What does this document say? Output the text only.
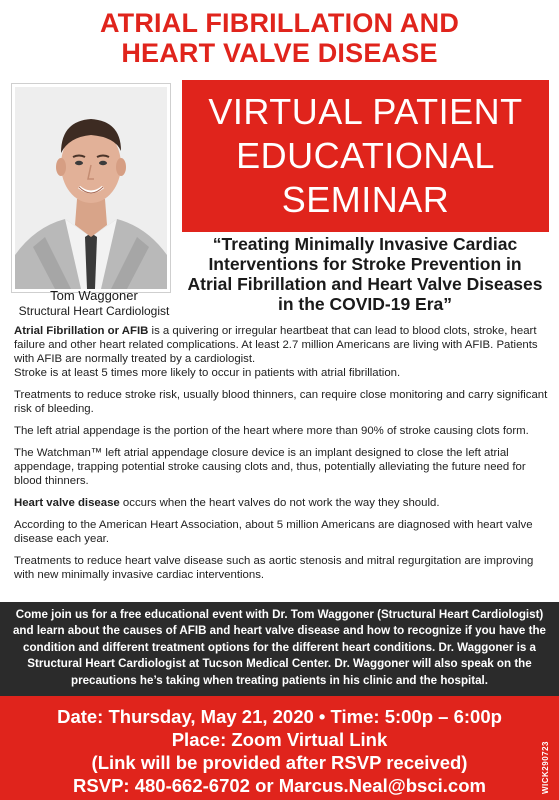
ATRIAL FIBRILLATION AND
HEART VALVE DISEASE
VIRTUAL PATIENT
EDUCATIONAL
SEMINAR
Tom Waggoner
Structural Heart Cardiologist
“Treating Minimally Invasive Cardiac
Interventions for Stroke Prevention in
Atrial Fibrillation and Heart Valve Diseases
in the COVID-19 Era”

Atrial Fibrillation or AFIB is a quivering or irregular heartbeat that can lead to blood clots, stroke, heart failure and other heart related complications. At least 2.7 million Americans are living with AFIB. Patients with AFIB are normally treated by a cardiologist.
Stroke is at least 5 times more likely to occur in patients with atrial fibrillation.

Treatments to reduce stroke risk, usually blood thinners, can require close monitoring and carry significant risk of bleeding.

The left atrial appendage is the portion of the heart where more than 90% of stroke causing clots form.

The Watchman™ left atrial appendage closure device is an implant designed to close the left atrial appendage, trapping potential stroke causing clots and, thus, potentially alleviating the future need for blood thinners.

Heart valve disease occurs when the heart valves do not work the way they should.

According to the American Heart Association, about 5 million Americans are diagnosed with heart valve disease each year.

Treatments to reduce heart valve disease such as aortic stenosis and mitral regurgitation are improving with new minimally invasive cardiac interventions.

Come join us for a free educational event with Dr. Tom Waggoner (Structural Heart Cardiologist) and learn about the causes of AFIB and heart valve disease and how to recognize if you have the condition and different treatment options for the different heart conditions. Dr. Waggoner is a Structural Heart Cardiologist at Tucson Medical Center. Dr. Waggoner will also speak on the precautions he’s taking when treating patients in his clinic and the hospital.
Date: Thursday, May 21, 2020 • Time: 5:00p – 6:00p
Place: Zoom Virtual Link
(Link will be provided after RSVP received)
RSVP: 480-662-6702 or Marcus.Neal@bsci.com	WICK290723
